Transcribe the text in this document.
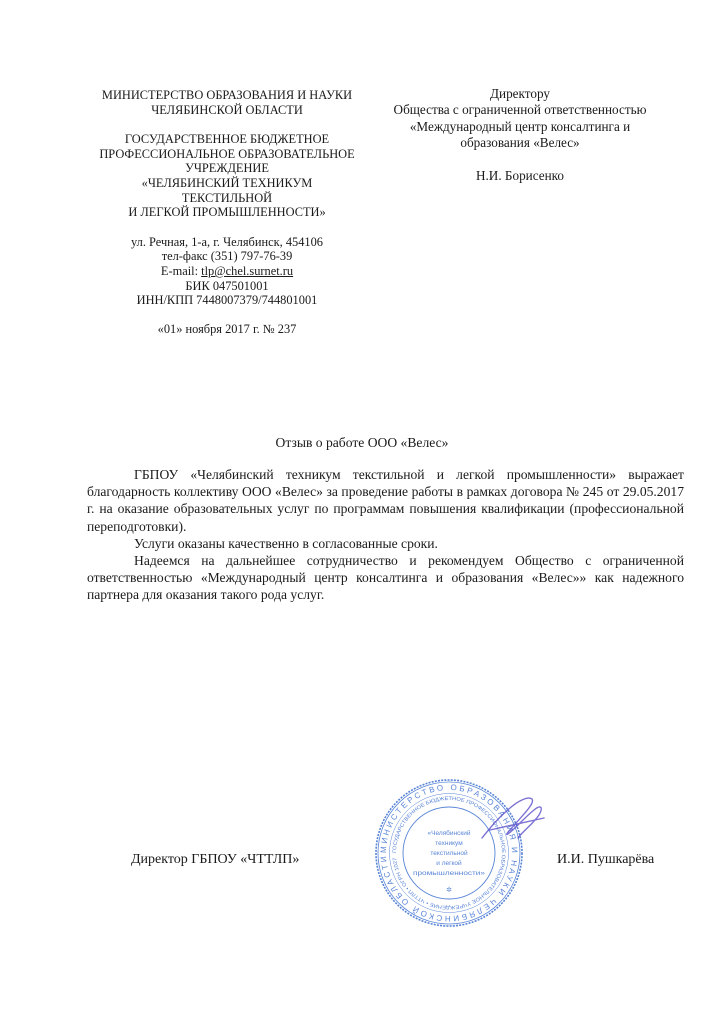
МИНИСТЕРСТВО ОБРАЗОВАНИЯ И НАУКИ
ЧЕЛЯБИНСКОЙ ОБЛАСТИ
ГОСУДАРСТВЕННОЕ БЮДЖЕТНОЕ
ПРОФЕССИОНАЛЬНОЕ ОБРАЗОВАТЕЛЬНОЕ
УЧРЕЖДЕНИЕ
«ЧЕЛЯБИНСКИЙ ТЕХНИКУМ ТЕКСТИЛЬНОЙ
И ЛЕГКОЙ ПРОМЫШЛЕННОСТИ»
ул. Речная, 1-а, г. Челябинск, 454106
тел-факс (351) 797-76-39
E-mail: tlp@chel.surnet.ru
БИК 047501001
ИНН/КПП 7448007379/744801001
«01» ноября 2017 г. № 237
Директору
Общества с ограниченной ответственностью
«Международный центр консалтинга и
образования «Велес»
Н.И. Борисенко
Отзыв о работе ООО «Велес»

ГБПОУ «Челябинский техникум текстильной и легкой промышленности» выражает благодарность коллективу ООО «Велес» за проведение работы в рамках договора № 245 от 29.05.2017 г. на оказание образовательных услуг по программам повышения квалификации (профессиональной переподготовки).

Услуги оказаны качественно в согласованные сроки.

Надеемся на дальнейшее сотрудничество и рекомендуем Общество с ограниченной ответственностью «Международный центр консалтинга и образования «Велес»» как надежного партнера для оказания такого рода услуг.

Директор ГБПОУ «ЧТТЛП»	И.И. Пушкарёва
МИНИСТЕРСТВО ОБРАЗОВАНИЯ И НАУКИ ЧЕЛЯБИНСКОЙ ОБЛАСТИ
ГОСУДАРСТВЕННОЕ БЮДЖЕТНОЕ ПРОФЕССИОНАЛЬНОЕ ОБРАЗОВАТЕЛЬНОЕ УЧРЕЖДЕНИЕ • ЧТТЛП • ОГРН 1027
«Челябинский
техникум
текстильной
и легкой
промышленности»
✲
